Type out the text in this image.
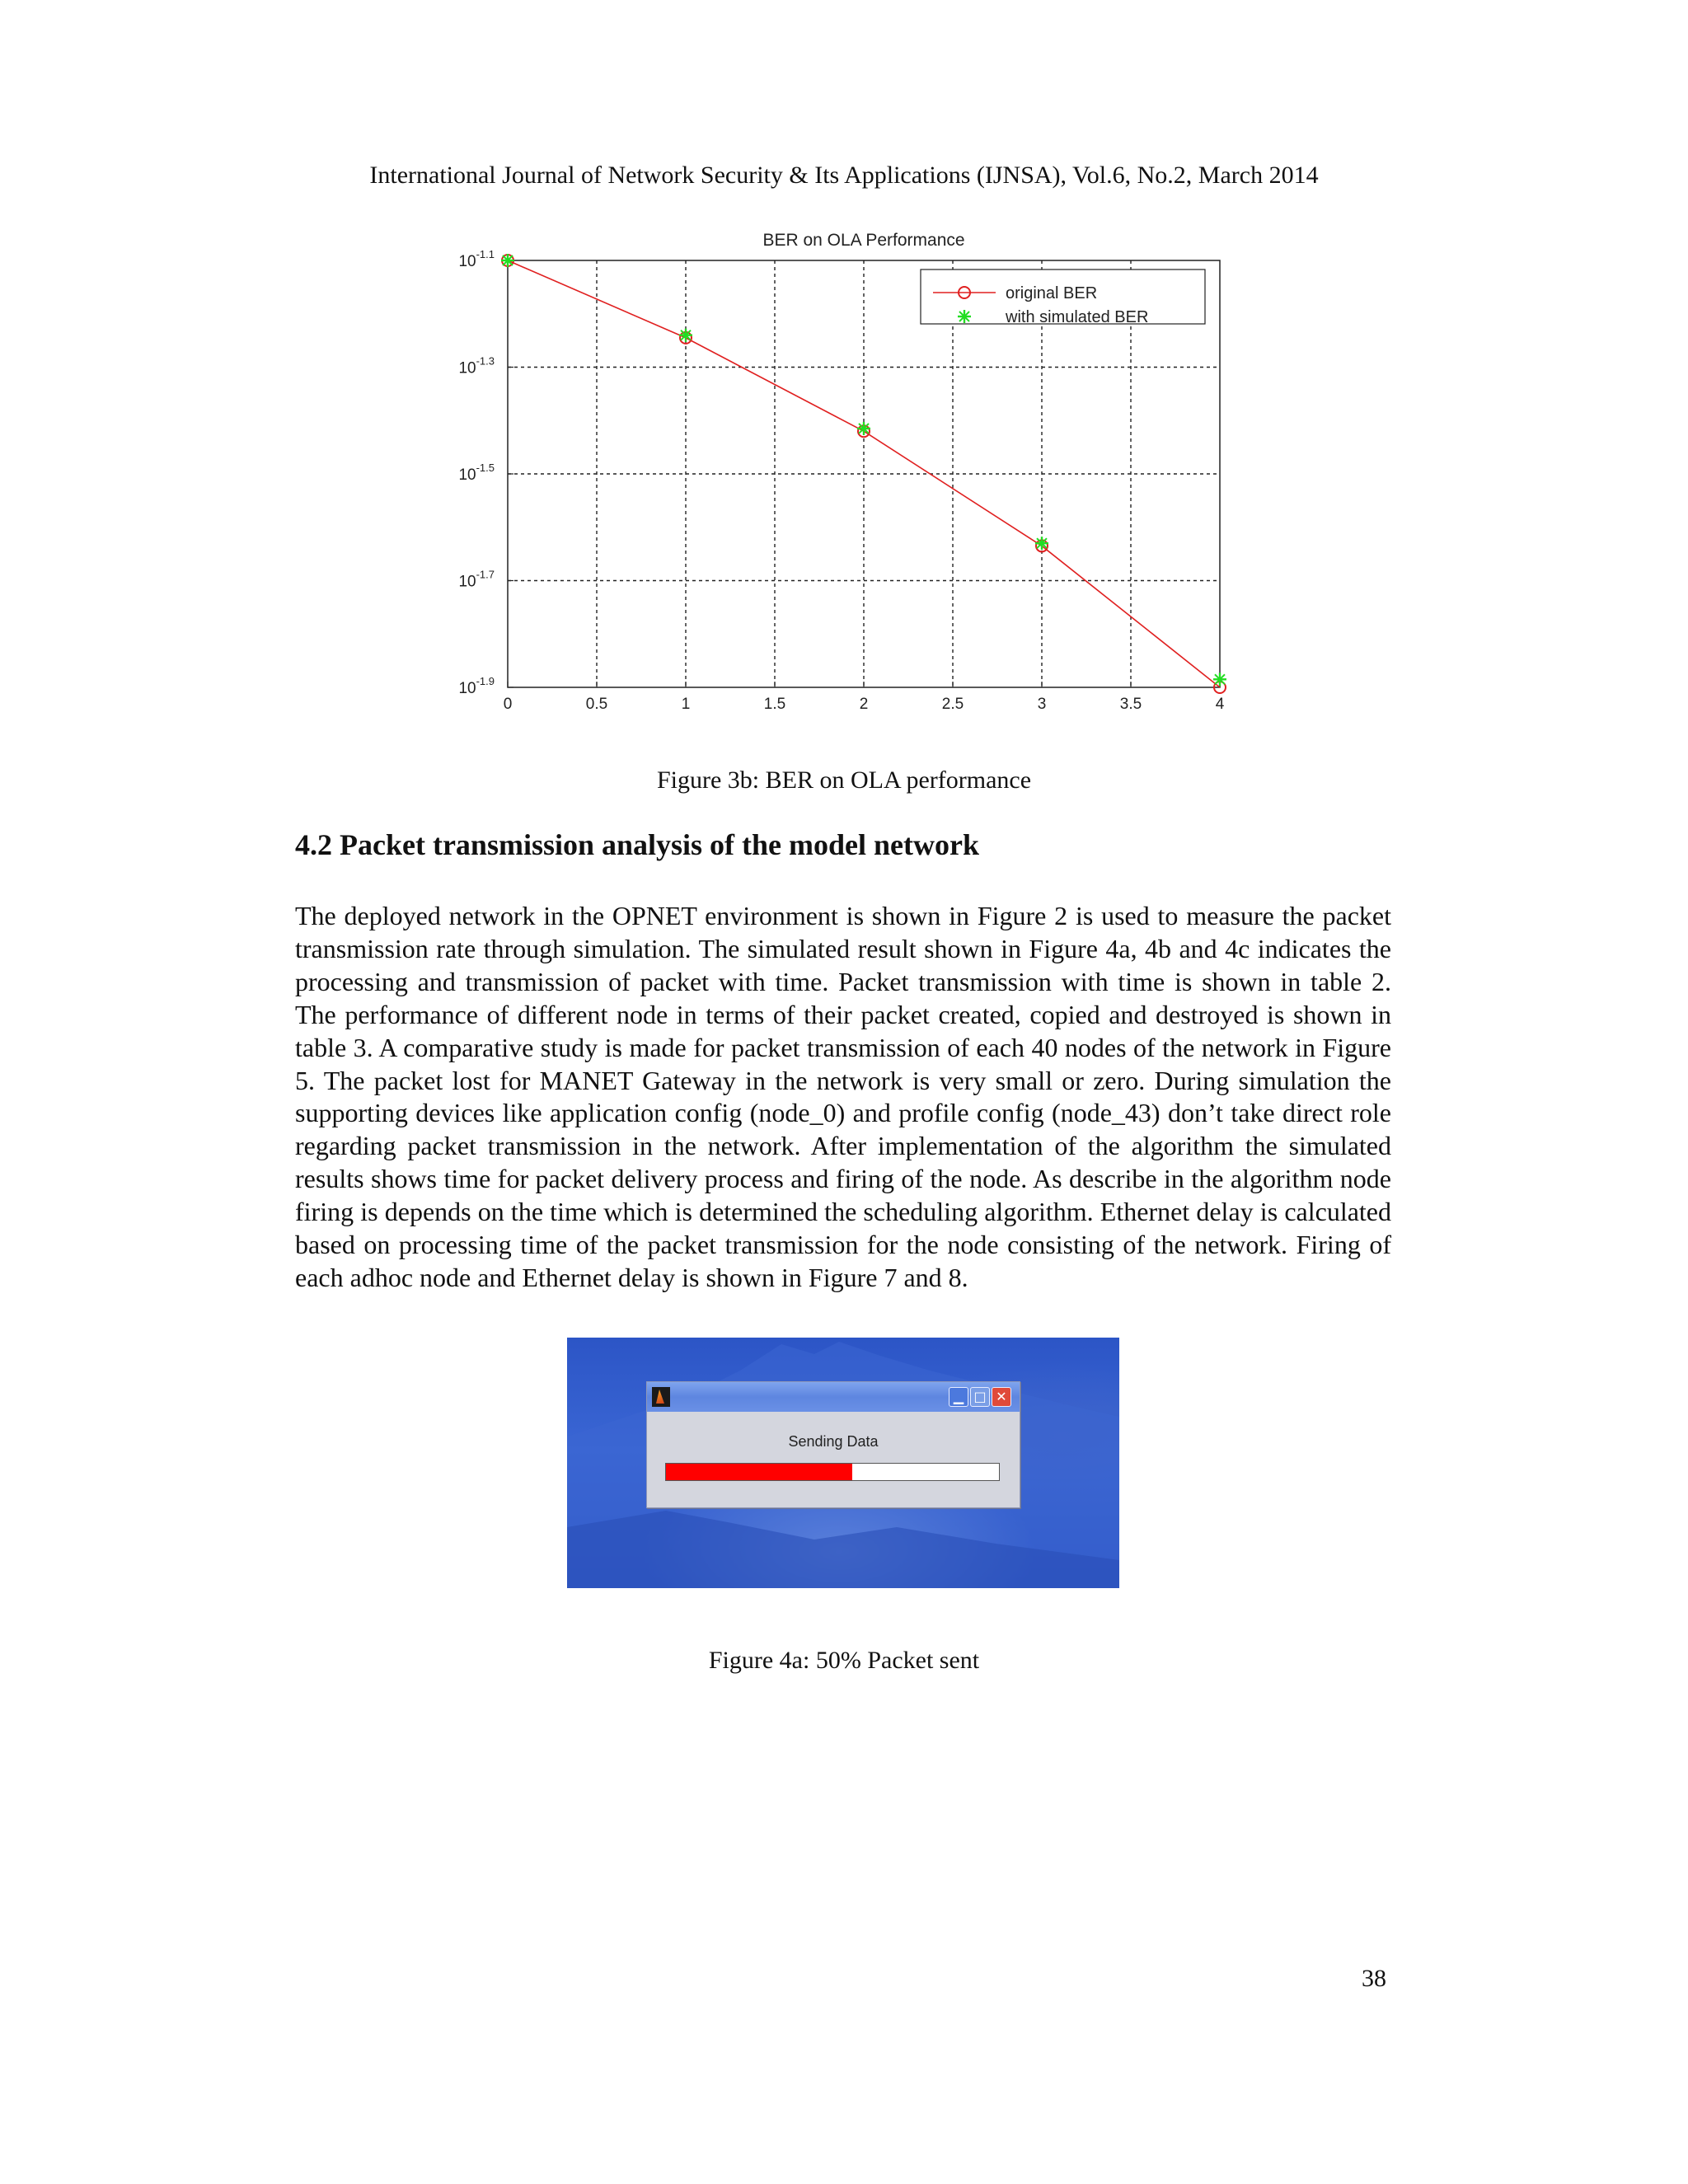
International Journal of Network Security & Its Applications (IJNSA), Vol.6, No.2, March 2014
BER on OLA Performance
0	0.5	1	1.5	2	2.5	3	3.5	4
$10^{-1.1}$
$10^{-1.3}$
$10^{-1.5}$
$10^{-1.7}$
$10^{-1.9}$
original BER
with simulated BER
Figure 3b: BER on OLA performance
4.2 Packet transmission analysis of the model network
The deployed network in the OPNET environment is shown in Figure 2 is used to measure the packet transmission rate through simulation. The simulated result shown in Figure 4a, 4b and 4c indicates the processing and transmission of packet with time. Packet transmission with time is shown in table 2. The performance of different node in terms of their packet created, copied and destroyed is shown in table 3. A comparative study is made for packet transmission of each 40 nodes of the network in Figure 5. The packet lost for MANET Gateway in the network is very small or zero. During simulation the supporting devices like application config (node_0) and profile config (node_43) don’t take direct role regarding packet transmission in the network. After implementation of the algorithm the simulated results shows time for packet delivery process and firing of the node. As describe in the algorithm node firing is depends on the time which is determined the scheduling algorithm. Ethernet delay is calculated based on processing time of the packet transmission for the node consisting of the network. Firing of each adhoc node and Ethernet delay is shown in Figure 7 and 8.
▁ □ ✕
Sending Data
Figure 4a: 50% Packet sent
38
